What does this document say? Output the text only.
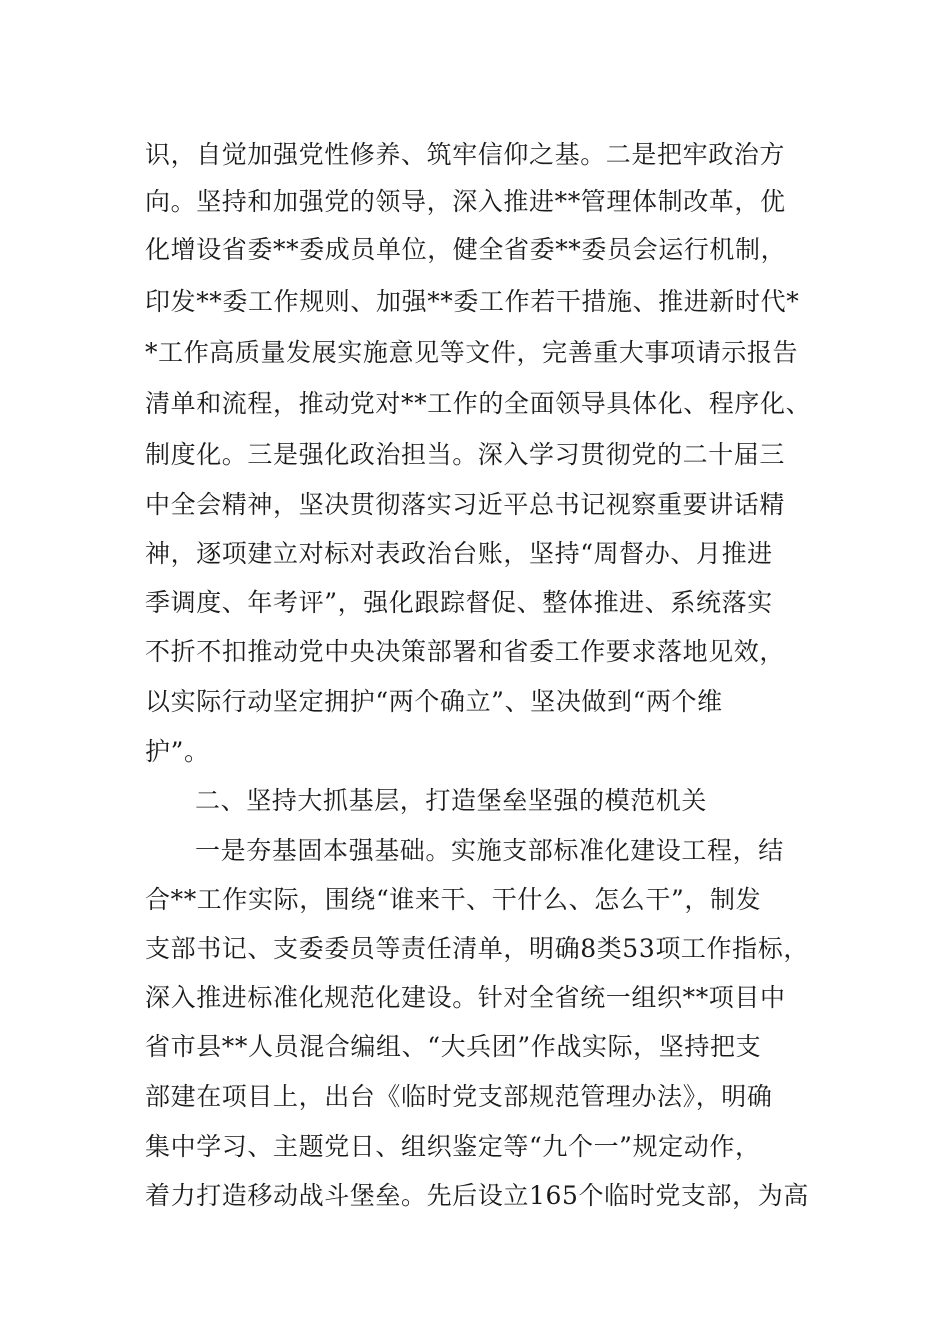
识，自觉加强党性修养、筑牢信仰之基。二是把牢政治方
向。坚持和加强党的领导，深入推进**管理体制改革，优
化增设省委**委成员单位，健全省委**委员会运行机制，
印发**委工作规则、加强**委工作若干措施、推进新时代*
*工作高质量发展实施意见等文件，完善重大事项请示报告
清单和流程，推动党对**工作的全面领导具体化、程序化、
制度化。三是强化政治担当。深入学习贯彻党的二十届三
中全会精神，坚决贯彻落实习近平总书记视察重要讲话精
神，逐项建立对标对表政治台账，坚持“周督办、月推进
季调度、年考评”，强化跟踪督促、整体推进、系统落实
不折不扣推动党中央决策部署和省委工作要求落地见效，
以实际行动坚定拥护“两个确立”、坚决做到“两个维
护”。
二、坚持大抓基层，打造堡垒坚强的模范机关
一是夯基固本强基础。实施支部标准化建设工程，结
合**工作实际，围绕“谁来干、干什么、怎么干”，制发
支部书记、支委委员等责任清单，明确8类53项工作指标，
深入推进标准化规范化建设。针对全省统一组织**项目中
省市县**人员混合编组、“大兵团”作战实际，坚持把支
部建在项目上，出台《临时党支部规范管理办法》，明确
集中学习、主题党日、组织鉴定等“九个一”规定动作，
着力打造移动战斗堡垒。先后设立165个临时党支部，为高
